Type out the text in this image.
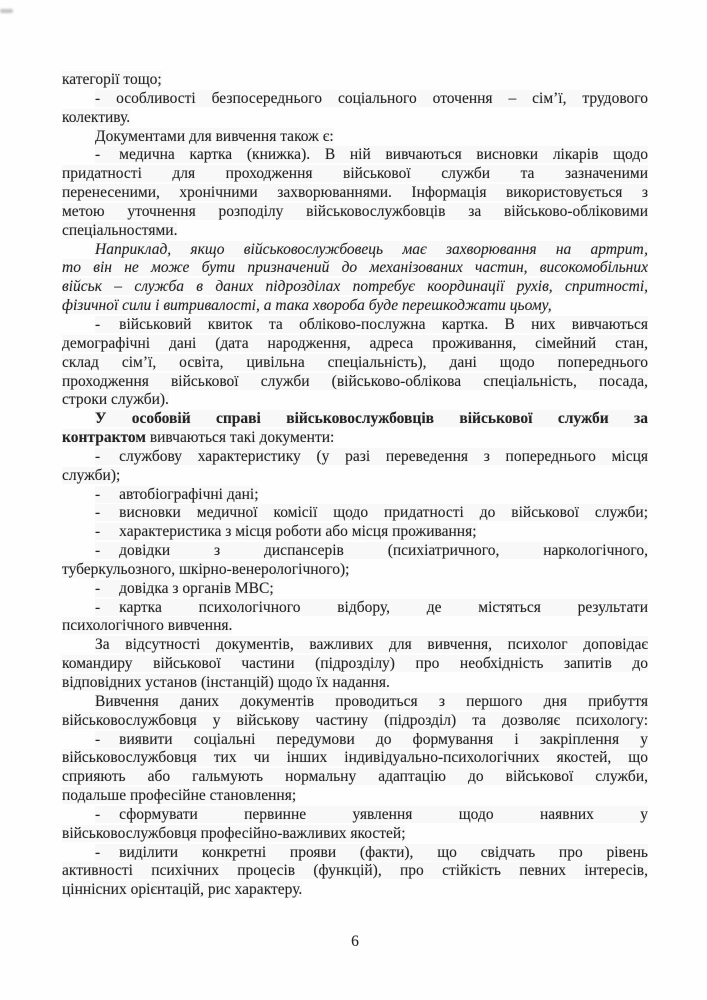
категорії тощо;
- особливості безпосереднього соціального оточення – сім’ї, трудового
колективу.
Документами для вивчення також є:
- медична картка (книжка). В ній вивчаються висновки лікарів щодо
придатності для проходження військової служби та зазначеними
перенесеними, хронічними захворюваннями. Інформація використовується з
метою уточнення розподілу військовослужбовців за військово-обліковими
спеціальностями.
Наприклад, якщо військовослужбовець має захворювання на артрит,
то він не може бути призначений до механізованих частин, високомобільних
військ – служба в даних підрозділах потребує координації рухів, спритності,
фізичної сили і витривалості, а така хвороба буде перешкоджати цьому,
- військовий квиток та обліково-послужна картка. В них вивчаються
демографічні дані (дата народження, адреса проживання, сімейний стан,
склад сім’ї, освіта, цивільна спеціальність), дані щодо попереднього
проходження військової служби (військово-облікова спеціальність, посада,
строки служби).
У особовій справі військовослужбовців військової служби за
контрактом вивчаються такі документи:
- службову характеристику (у разі переведення з попереднього місця
служби);
- автобіографічні дані;
- висновки медичної комісії щодо придатності до військової служби;
- характеристика з місця роботи або місця проживання;
- довідки з диспансерів (психіатричного, наркологічного,
туберкульозного, шкірно-венерологічного);
- довідка з органів МВС;
- картка психологічного відбору, де містяться результати
психологічного вивчення.
За відсутності документів, важливих для вивчення, психолог доповідає
командиру військової частини (підрозділу) про необхідність запитів до
відповідних установ (інстанцій) щодо їх надання.
Вивчення даних документів проводиться з першого дня прибуття
військовослужбовця у військову частину (підрозділ) та дозволяє психологу:
- виявити соціальні передумови до формування і закріплення у
військовослужбовця тих чи інших індивідуально-психологічних якостей, що
сприяють або гальмують нормальну адаптацію до військової служби,
подальше професійне становлення;
- сформувати первинне уявлення щодо наявних у
військовослужбовця професійно-важливих якостей;
- виділити конкретні прояви (факти), що свідчать про рівень
активності психічних процесів (функцій), про стійкість певних інтересів,
ціннісних орієнтацій, рис характеру.
6
